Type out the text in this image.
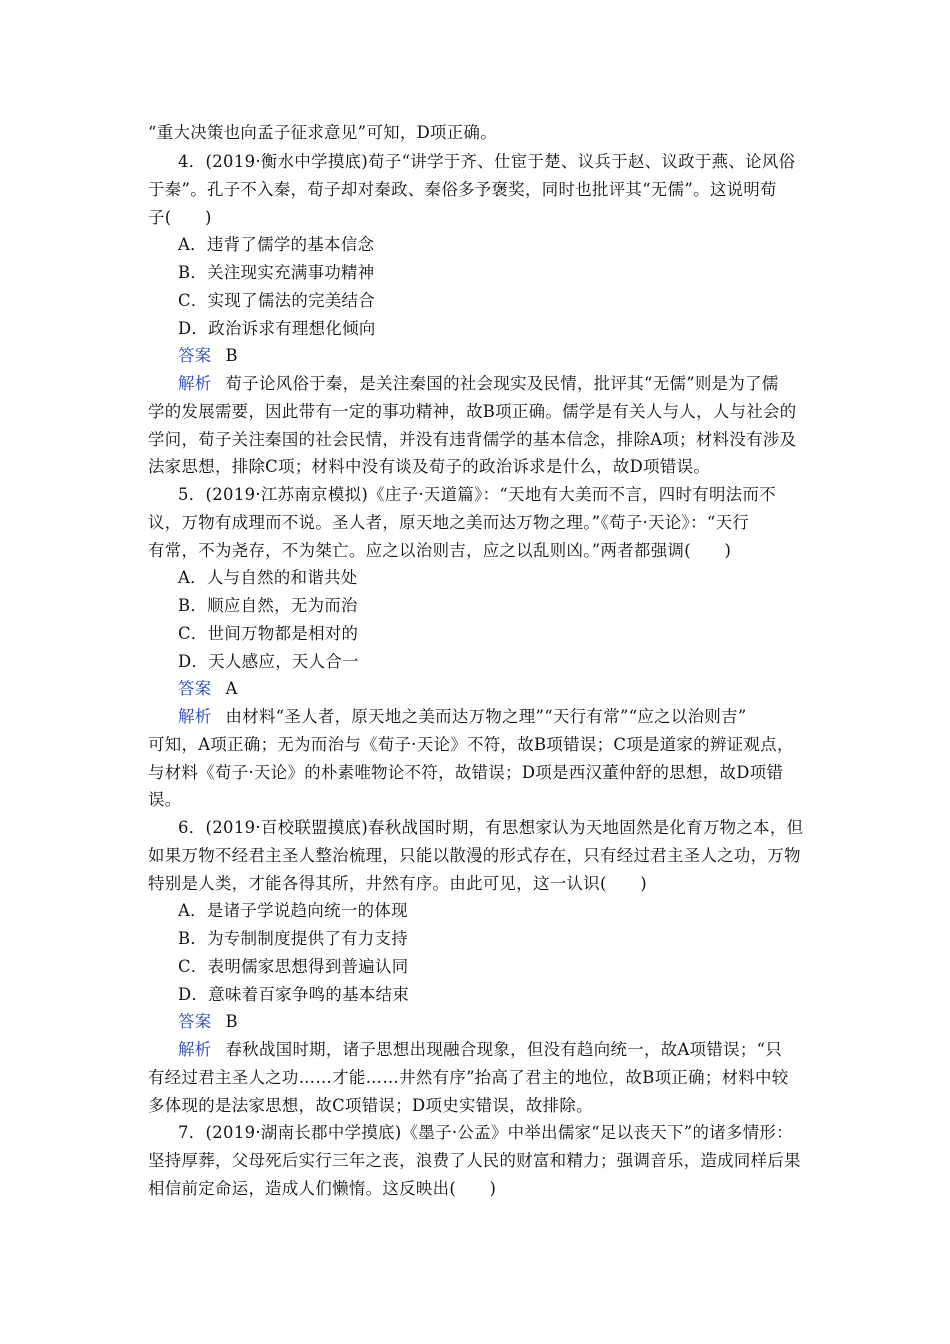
“重大决策也向孟子征求意见”可知，D项正确。
4．(2019·衡水中学摸底)荀子“讲学于齐、仕宦于楚、议兵于赵、议政于燕、论风俗
于秦”。孔子不入秦，荀子却对秦政、秦俗多予褒奖，同时也批评其“无儒”。这说明荀
子(　　)
A．违背了儒学的基本信念
B．关注现实充满事功精神
C．实现了儒法的完美结合
D．政治诉求有理想化倾向
答案 B
解析 荀子论风俗于秦，是关注秦国的社会现实及民情，批评其“无儒”则是为了儒
学的发展需要，因此带有一定的事功精神，故B项正确。儒学是有关人与人，人与社会的
学问，荀子关注秦国的社会民情，并没有违背儒学的基本信念，排除A项；材料没有涉及
法家思想，排除C项；材料中没有谈及荀子的政治诉求是什么，故D项错误。
5．(2019·江苏南京模拟)《庄子·天道篇》：“天地有大美而不言，四时有明法而不
议，万物有成理而不说。圣人者，原天地之美而达万物之理。”《荀子·天论》：“天行
有常，不为尧存，不为桀亡。应之以治则吉，应之以乱则凶。”两者都强调(　　)
A．人与自然的和谐共处
B．顺应自然，无为而治
C．世间万物都是相对的
D．天人感应，天人合一
答案 A
解析 由材料“圣人者，原天地之美而达万物之理”“天行有常”“应之以治则吉”
可知，A项正确；无为而治与《荀子·天论》不符，故B项错误；C项是道家的辨证观点，
与材料《荀子·天论》的朴素唯物论不符，故错误；D项是西汉董仲舒的思想，故D项错
误。
6．(2019·百校联盟摸底)春秋战国时期，有思想家认为天地固然是化育万物之本，但
如果万物不经君主圣人整治梳理，只能以散漫的形式存在，只有经过君主圣人之功，万物
特别是人类，才能各得其所，井然有序。由此可见，这一认识(　　)
A．是诸子学说趋向统一的体现
B．为专制制度提供了有力支持
C．表明儒家思想得到普遍认同
D．意味着百家争鸣的基本结束
答案 B
解析 春秋战国时期，诸子思想出现融合现象，但没有趋向统一，故A项错误；“只
有经过君主圣人之功……才能……井然有序”抬高了君主的地位，故B项正确；材料中较
多体现的是法家思想，故C项错误；D项史实错误，故排除。
7．(2019·湖南长郡中学摸底)《墨子·公孟》中举出儒家“足以丧天下”的诸多情形：
坚持厚葬，父母死后实行三年之丧，浪费了人民的财富和精力；强调音乐，造成同样后果
相信前定命运，造成人们懒惰。这反映出(　　)
